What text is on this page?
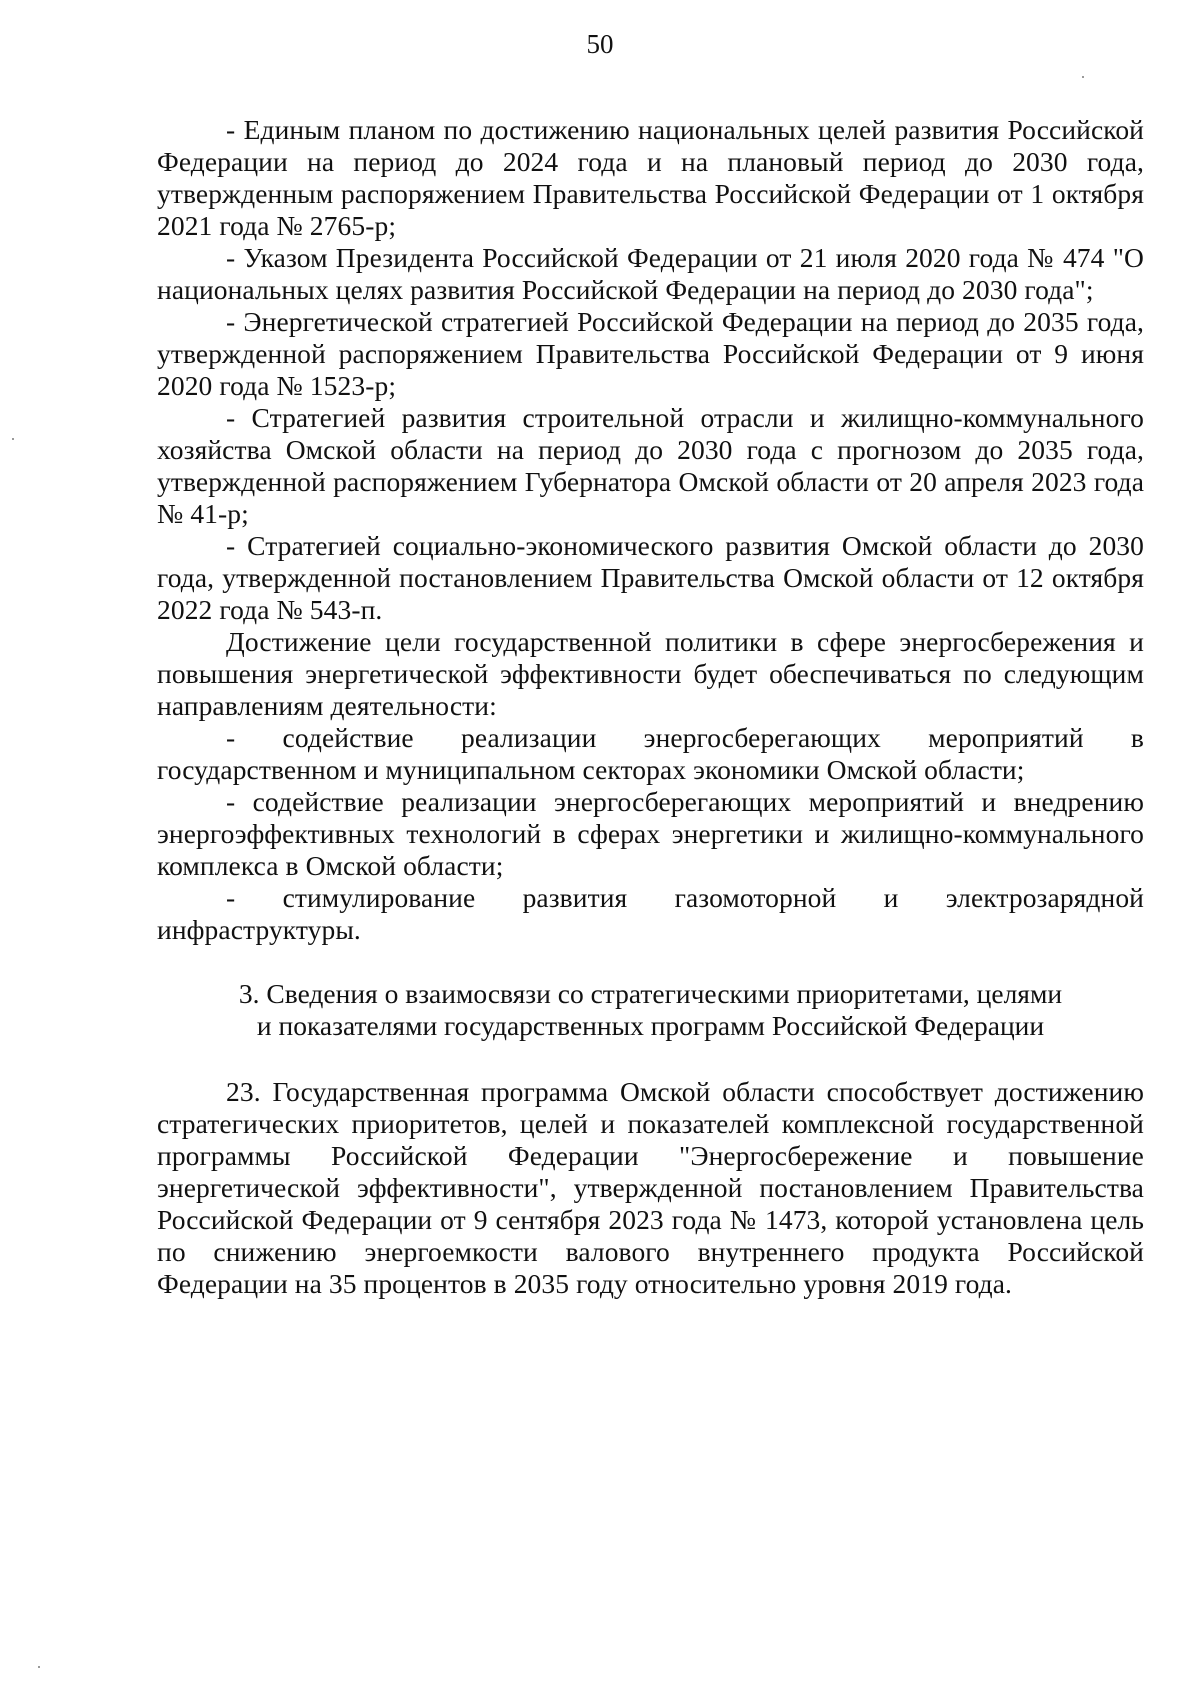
50

- Единым планом по достижению национальных целей развития Российской Федерации на период до 2024 года и на плановый период до 2030 года, утвержденным распоряжением Правительства Российской Федерации от 1 октября 2021 года № 2765-р;

- Указом Президента Российской Федерации от 21 июля 2020 года № 474 "О национальных целях развития Российской Федерации на период до 2030 года";

- Энергетической стратегией Российской Федерации на период до 2035 года, утвержденной распоряжением Правительства Российской Федерации от 9 июня 2020 года № 1523-р;

- Стратегией развития строительной отрасли и жилищно-коммунального хозяйства Омской области на период до 2030 года с прогнозом до 2035 года, утвержденной распоряжением Губернатора Омской области от 20 апреля 2023 года № 41-р;

- Стратегией социально-экономического развития Омской области до 2030 года, утвержденной постановлением Правительства Омской области от 12 октября 2022 года № 543-п.

Достижение цели государственной политики в сфере энергосбережения и повышения энергетической эффективности будет обеспечиваться по следующим направлениям деятельности:

- содействие реализации энергосберегающих мероприятий в государственном и муниципальном секторах экономики Омской области;

- содействие реализации энергосберегающих мероприятий и внедрению энергоэффективных технологий в сферах энергетики и жилищно-коммунального комплекса в Омской области;

- стимулирование развития газомоторной и электрозарядной инфраструктуры.

3. Сведения о взаимосвязи со стратегическими приоритетами, целями

и показателями государственных программ Российской Федерации

23. Государственная программа Омской области способствует достижению стратегических приоритетов, целей и показателей комплексной государственной программы Российской Федерации "Энергосбережение и повышение энергетической эффективности", утвержденной постановлением Правительства Российской Федерации от 9 сентября 2023 года № 1473, которой установлена цель по снижению энергоемкости валового внутреннего продукта Российской Федерации на 35 процентов в 2035 году относительно уровня 2019 года.
